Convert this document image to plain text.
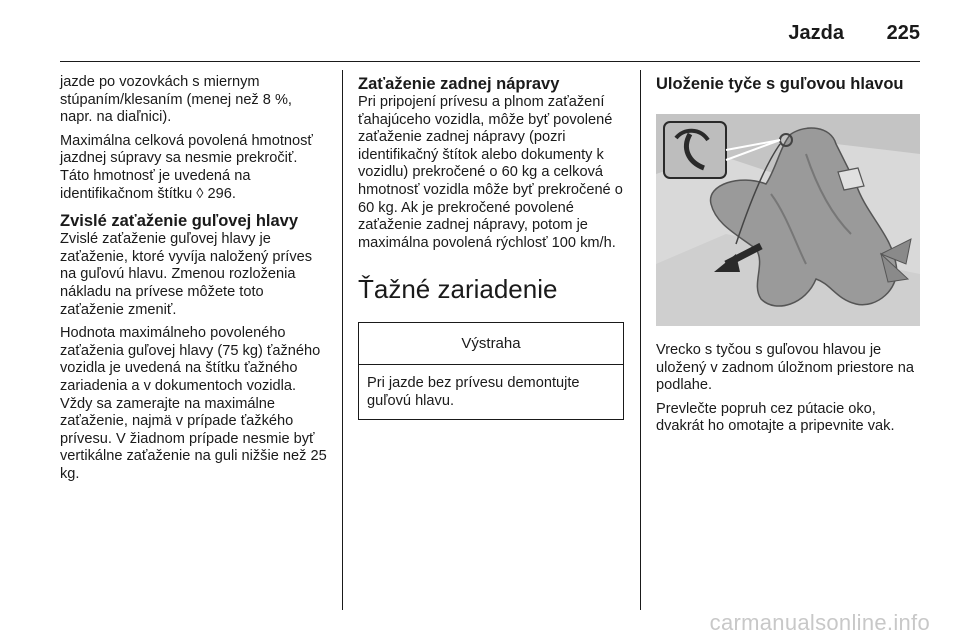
Jazda 225

jazde po vozovkách s miernym stúpaním/klesaním (menej než 8 %, napr. na diaľnici).

Maximálna celková povolená hmotnosť jazdnej súpravy sa nesmie prekročiť. Táto hmotnosť je uvedená na identifikačnom štítku ◊ 296.

Zvislé zaťaženie guľovej hlavy

Zvislé zaťaženie guľovej hlavy je zaťaženie, ktoré vyvíja naložený príves na guľovú hlavu. Zmenou rozloženia nákladu na prívese môžete toto zaťaženie zmeniť.

Hodnota maximálneho povoleného zaťaženia guľovej hlavy (75 kg) ťažného vozidla je uvedená na štítku ťažného zariadenia a v dokumentoch vozidla. Vždy sa zamerajte na maximálne zaťaženie, najmä v prípade ťažkého prívesu. V žiadnom prípade nesmie byť vertikálne zaťaženie na guli nižšie než 25 kg.

Zaťaženie zadnej nápravy

Pri pripojení prívesu a plnom zaťažení ťahajúceho vozidla, môže byť povolené zaťaženie zadnej nápravy (pozri identifikačný štítok alebo dokumenty k vozidlu) prekročené o 60 kg a celková hmotnosť vozidla môže byť prekročené o 60 kg. Ak je prekročené povolené zaťaženie zadnej nápravy, potom je maximálna povolená rýchlosť 100 km/h.

Ťažné zariadenie
Výstraha
Pri jazde bez prívesu demontujte guľovú hlavu.
Uloženie tyče s guľovou hlavou

Vrecko s tyčou s guľovou hlavou je uložený v zadnom úložnom priestore na podlahe.

Prevlečte popruh cez pútacie oko, dvakrát ho omotajte a pripevnite vak.

carmanualsonline.info
